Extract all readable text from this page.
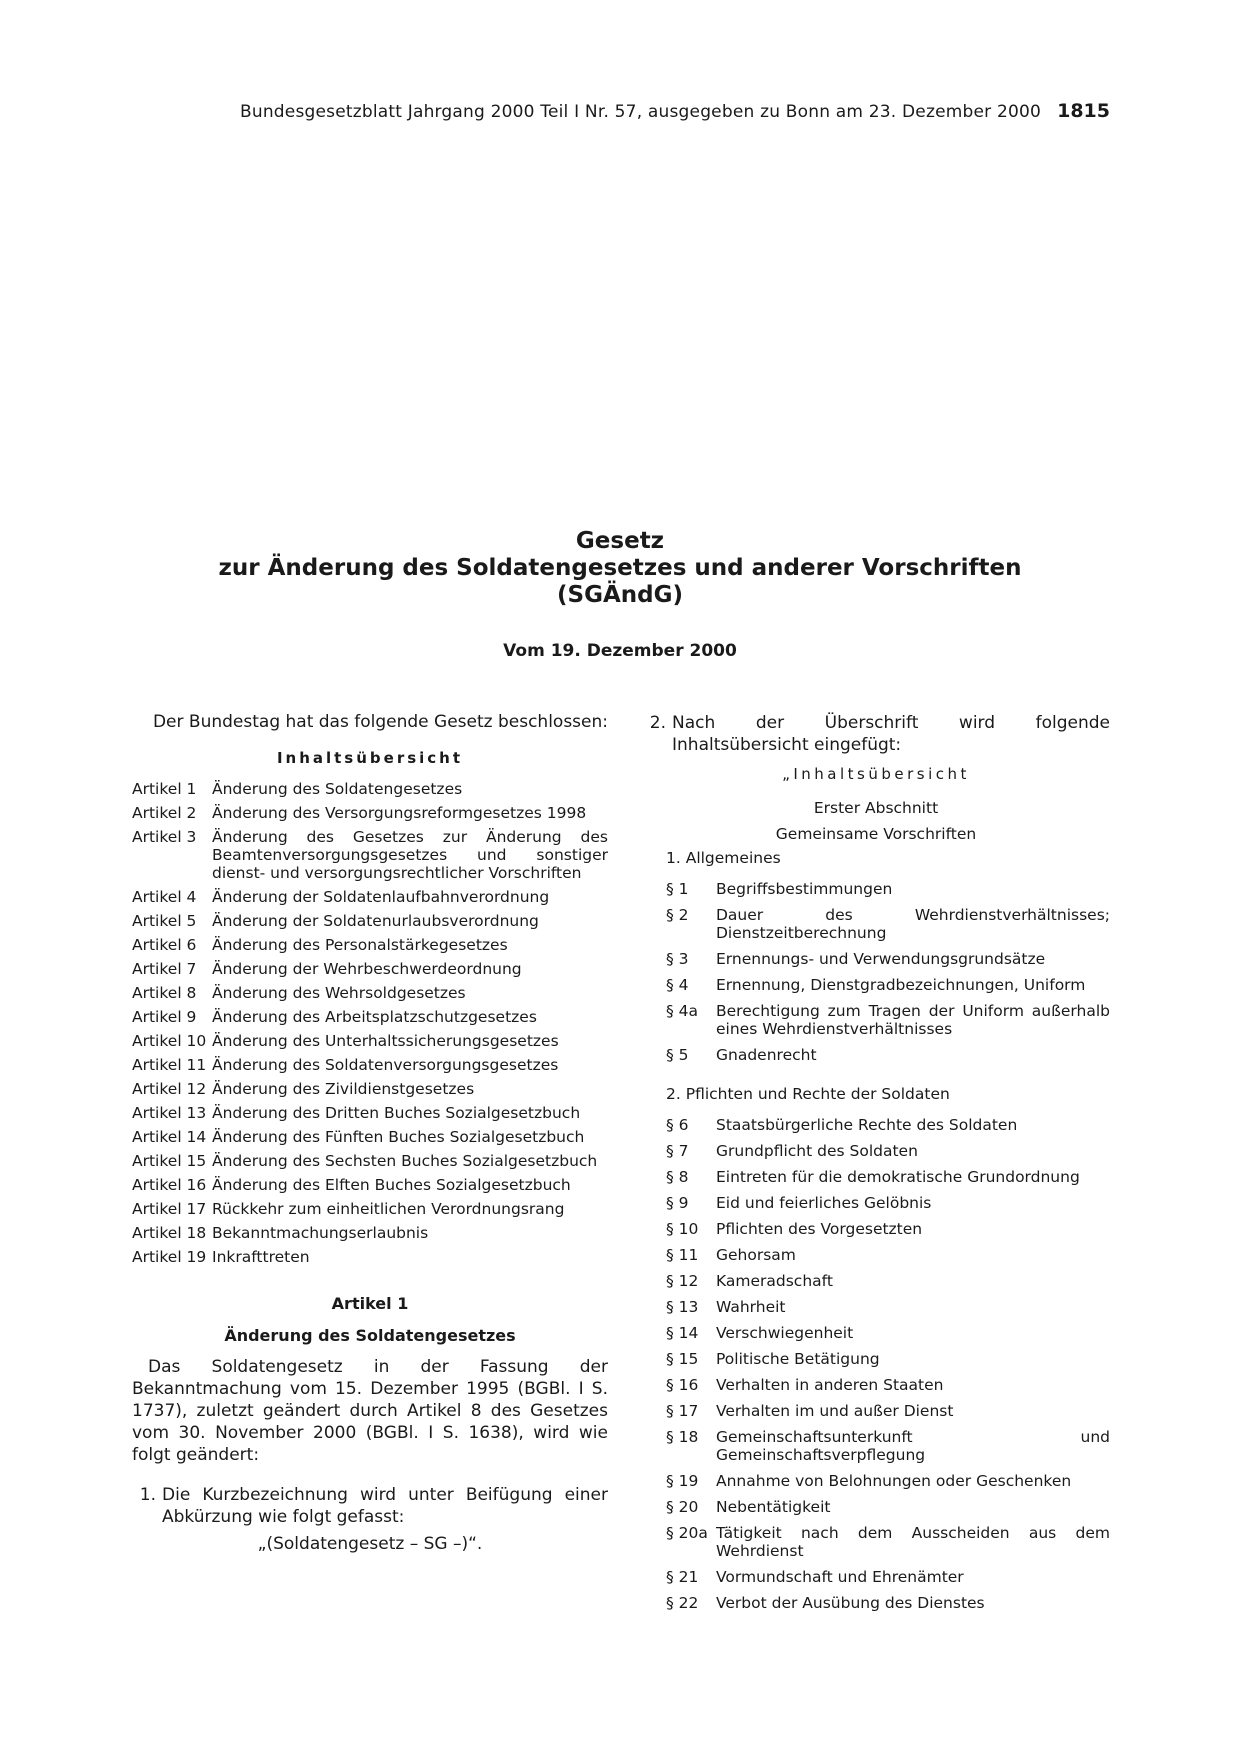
Bundesgesetzblatt Jahrgang 2000 Teil I Nr. 57, ausgegeben zu Bonn am 23. Dezember 2000 1815
Gesetz
zur Änderung des Soldatengesetzes und anderer Vorschriften
(SGÄndG)
Vom 19. Dezember 2000

Der Bundestag hat das folgende Gesetz beschlossen:

Inhaltsübersicht
Artikel 1	Änderung des Soldatengesetzes
Artikel 2	Änderung des Versorgungsreformgesetzes 1998
Artikel 3	Änderung des Gesetzes zur Änderung des Beamtenversorgungsgesetzes und sonstiger dienst- und versorgungsrechtlicher Vorschriften
Artikel 4	Änderung der Soldatenlaufbahnverordnung
Artikel 5	Änderung der Soldatenurlaubsverordnung
Artikel 6	Änderung des Personalstärkegesetzes
Artikel 7	Änderung der Wehrbeschwerdeordnung
Artikel 8	Änderung des Wehrsoldgesetzes
Artikel 9	Änderung des Arbeitsplatzschutzgesetzes
Artikel 10 Änderung des Unterhaltssicherungsgesetzes
Artikel 11 Änderung des Soldatenversorgungsgesetzes
Artikel 12 Änderung des Zivildienstgesetzes
Artikel 13 Änderung des Dritten Buches Sozialgesetzbuch
Artikel 14 Änderung des Fünften Buches Sozialgesetzbuch
Artikel 15 Änderung des Sechsten Buches Sozialgesetzbuch
Artikel 16 Änderung des Elften Buches Sozialgesetzbuch
Artikel 17 Rückkehr zum einheitlichen Verordnungsrang
Artikel 18 Bekanntmachungserlaubnis
Artikel 19 Inkrafttreten
Artikel 1
Änderung des Soldatengesetzes

Das Soldatengesetz in der Fassung der Bekanntmachung vom 15. Dezember 1995 (BGBl. I S. 1737), zuletzt geändert durch Artikel 8 des Gesetzes vom 30. November 2000 (BGBl. I S. 1638), wird wie folgt geändert:

1. Die Kurzbezeichnung wird unter Beifügung einer Abkürzung wie folgt gefasst:
„(Soldatengesetz – SG –)“.
2. Nach der Überschrift wird folgende Inhaltsübersicht eingefügt:
„Inhaltsübersicht
Erster Abschnitt
Gemeinsame Vorschriften
1. Allgemeines
§ 1	Begriffsbestimmungen
§ 2	Dauer des Wehrdienstverhältnisses; Dienstzeitberechnung
§ 3	Ernennungs- und Verwendungsgrundsätze
§ 4	Ernennung, Dienstgradbezeichnungen, Uniform
§ 4a	Berechtigung zum Tragen der Uniform außerhalb eines Wehrdienstverhältnisses
§ 5	Gnadenrecht
2. Pflichten und Rechte der Soldaten
§ 6	Staatsbürgerliche Rechte des Soldaten
§ 7	Grundpflicht des Soldaten
§ 8	Eintreten für die demokratische Grundordnung
§ 9	Eid und feierliches Gelöbnis
§ 10	Pflichten des Vorgesetzten
§ 11	Gehorsam
§ 12	Kameradschaft
§ 13	Wahrheit
§ 14	Verschwiegenheit
§ 15	Politische Betätigung
§ 16	Verhalten in anderen Staaten
§ 17	Verhalten im und außer Dienst
§ 18	Gemeinschaftsunterkunft und Gemeinschaftsverpflegung
§ 19	Annahme von Belohnungen oder Geschenken
§ 20	Nebentätigkeit
§ 20a Tätigkeit nach dem Ausscheiden aus dem Wehrdienst
§ 21	Vormundschaft und Ehrenämter
§ 22	Verbot der Ausübung des Dienstes
